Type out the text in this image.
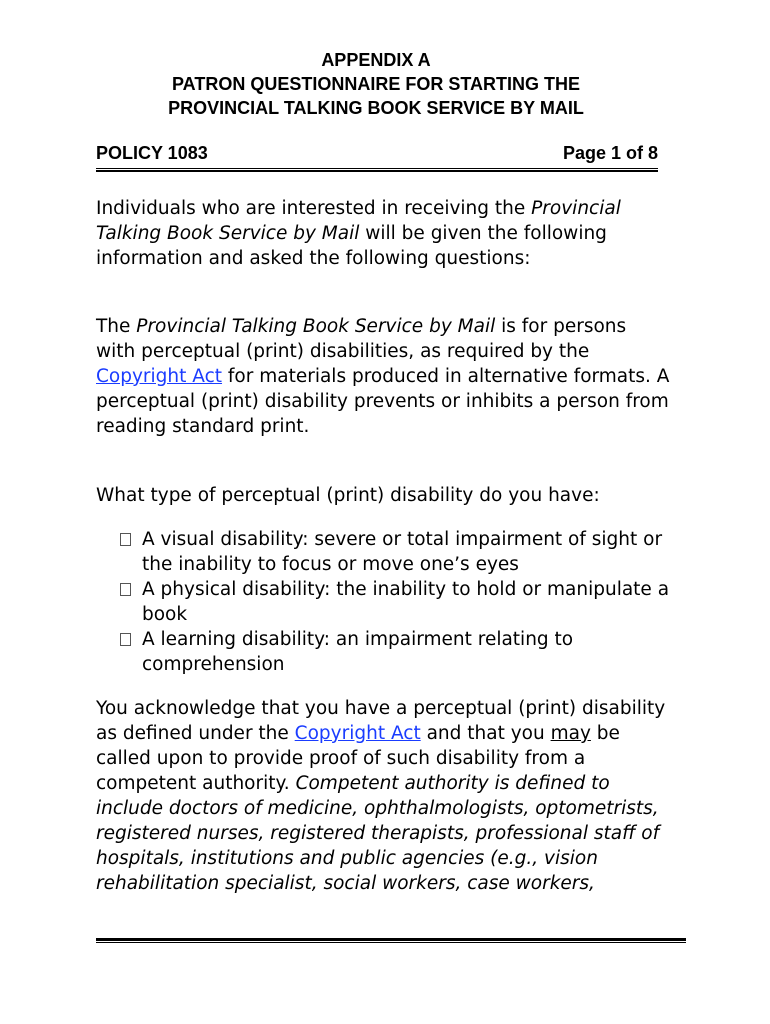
APPENDIX A
PATRON QUESTIONNAIRE FOR STARTING THE
PROVINCIAL TALKING BOOK SERVICE BY MAIL
POLICY 1083	Page 1 of 8

Individuals who are interested in receiving the Provincial Talking Book Service by Mail will be given the following information and asked the following questions:

The Provincial Talking Book Service by Mail is for persons with perceptual (print) disabilities, as required by the Copyright Act for materials produced in alternative formats. A perceptual (print) disability prevents or inhibits a person from reading standard print.

What type of perceptual (print) disability do you have:

A visual disability: severe or total impairment of sight or the inability to focus or move one’s eyes
A physical disability: the inability to hold or manipulate a book
A learning disability: an impairment relating to comprehension

You acknowledge that you have a perceptual (print) disability as defined under the Copyright Act and that you may be called upon to provide proof of such disability from a competent authority. Competent authority is defined to include doctors of medicine, ophthalmologists, optometrists, registered nurses, registered therapists, professional staff of hospitals, institutions and public agencies (e.g., vision rehabilitation specialist, social workers, case workers,
